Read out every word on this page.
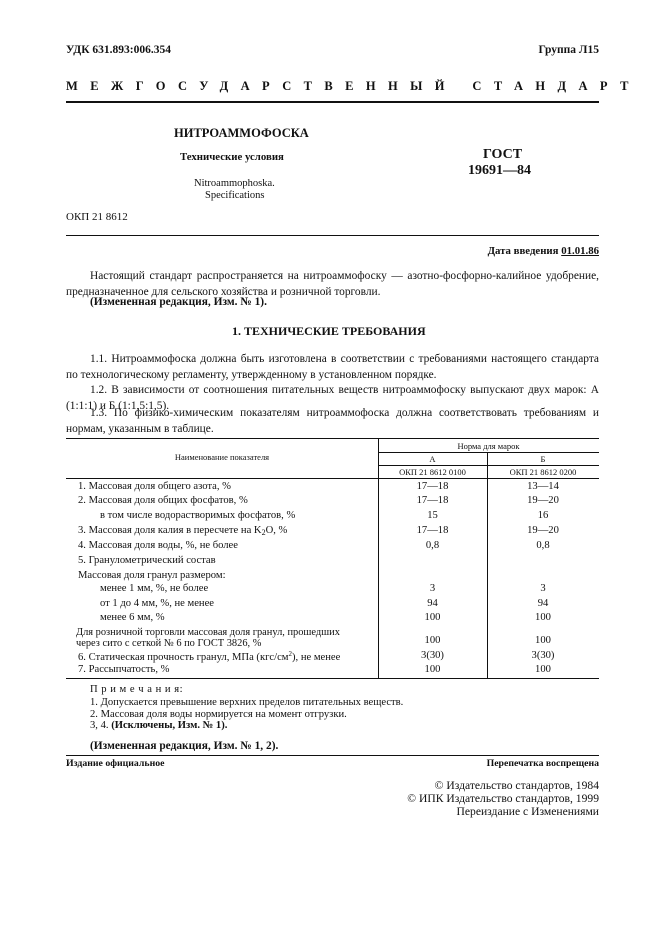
УДК 631.893:006.354	Группа Л15
МЕЖГОСУДАРСТВЕННЫЙ СТАНДАРТ
НИТРОАММОФОСКА
Технические условия
Nitroammophoska.
Specifications
ГОСТ
19691—84
ОКП 21 8612
Дата введения 01.01.86
Настоящий стандарт распространяется на нитроаммофоску — азотно-фосфорно-калийное удобрение, предназначенное для сельского хозяйства и розничной торговли.
(Измененная редакция, Изм. № 1).
1. ТЕХНИЧЕСКИЕ ТРЕБОВАНИЯ
1.1. Нитроаммофоска должна быть изготовлена в соответствии с требованиями настоящего стандарта по технологическому регламенту, утвержденному в установленном порядке.
1.2. В зависимости от соотношения питательных веществ нитроаммофоску выпускают двух марок: А (1:1:1) и Б (1:1,5:1,5).
1.3. По физико-химическим показателям нитроаммофоска должна соответствовать требованиям и нормам, указанным в таблице.
Наименование показателя
Норма для марок
А	Б
ОКП 21 8612 0100	ОКП 21 8612 0200
1. Массовая доля общего азота, %	17—18	13—14
2. Массовая доля общих фосфатов, %	17—18	19—20
в том числе водорастворимых фосфатов, %	15	16
3. Массовая доля калия в пересчете на $K_2O$, %	17—18	19—20
4. Массовая доля воды, %, не более	0,8	0,8
5. Гранулометрический состав
Массовая доля гранул размером:
менее 1 мм, %, не более	3	3
от 1 до 4 мм, %, не менее	94	94
менее 6 мм, %	100	100
Для розничной торговли массовая доля гранул, прошедших
через сито с сеткой № 6 по ГОСТ 3826, %	100	100
6. Статическая прочность гранул, МПа $(кгс/см^2)$, не менее	3(30)	3(30)
7. Рассыпчатость, %	100	100
П р и м е ч а н и я:
1. Допускается превышение верхних пределов питательных веществ.
2. Массовая доля воды нормируется на момент отгрузки.
3, 4. (Исключены, Изм. № 1).
(Измененная редакция, Изм. № 1, 2).
Издание официальное	Перепечатка воспрещена
© Издательство стандартов, 1984
© ИПК Издательство стандартов, 1999
Переиздание с Изменениями
